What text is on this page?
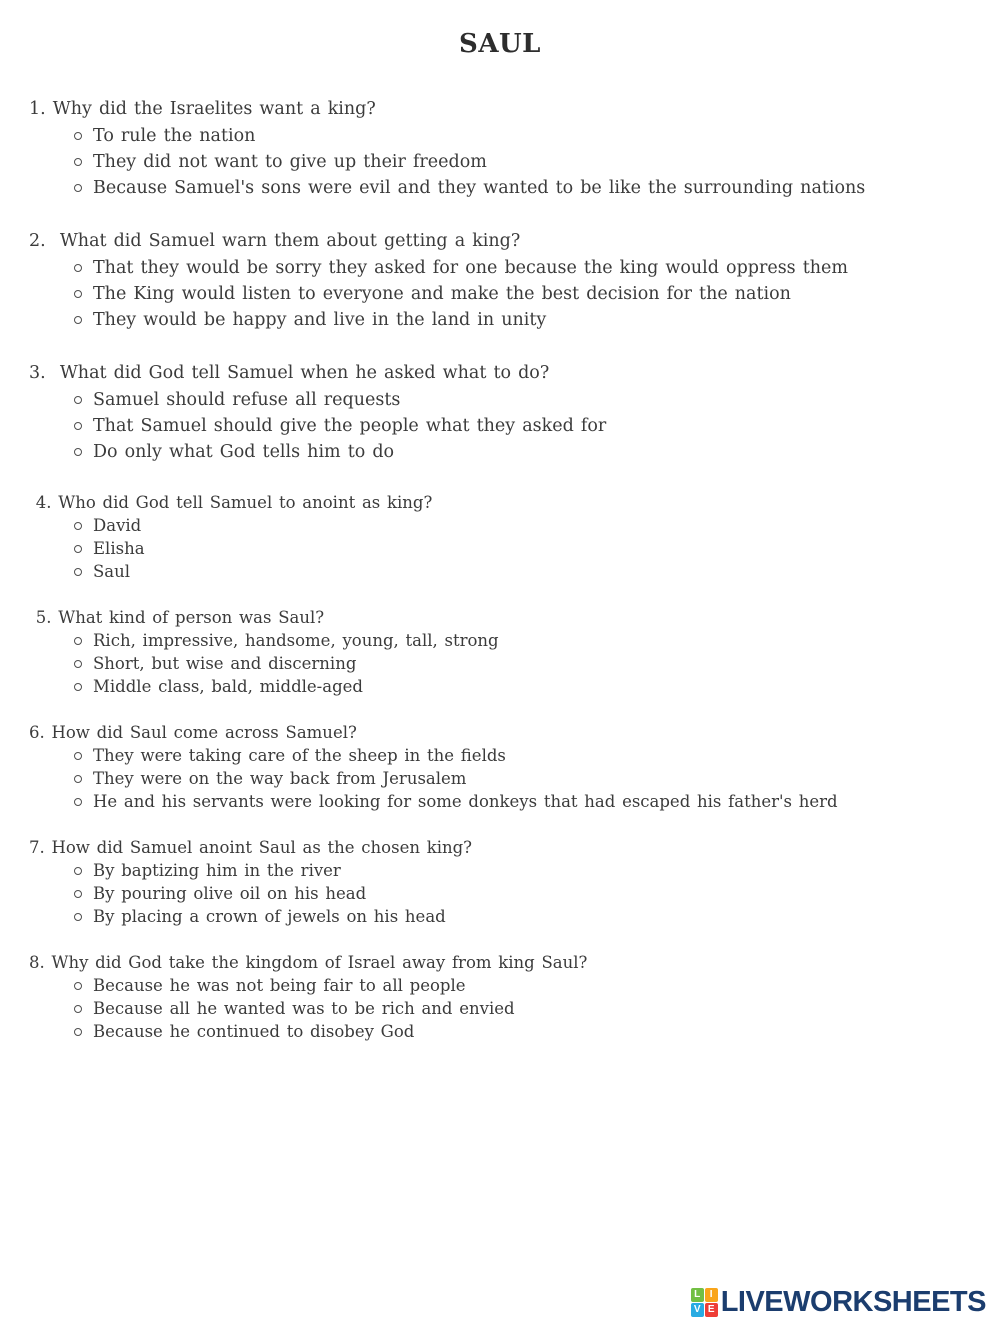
SAUL
1. Why did the Israelites want a king?
To rule the nation
They did not want to give up their freedom
Because Samuel's sons were evil and they wanted to be like the surrounding nations
2.  What did Samuel warn them about getting a king?
That they would be sorry they asked for one because the king would oppress them
The King would listen to everyone and make the best decision for the nation
They would be happy and live in the land in unity
3.  What did God tell Samuel when he asked what to do?
Samuel should refuse all requests
That Samuel should give the people what they asked for
Do only what God tells him to do
4. Who did God tell Samuel to anoint as king?
David
Elisha
Saul
5. What kind of person was Saul?
Rich, impressive, handsome, young, tall, strong
Short, but wise and discerning
Middle class, bald, middle-aged
6. How did Saul come across Samuel?
They were taking care of the sheep in the fields
They were on the way back from Jerusalem
He and his servants were looking for some donkeys that had escaped his father's herd
7. How did Samuel anoint Saul as the chosen king?
By baptizing him in the river
By pouring olive oil on his head
By placing a crown of jewels on his head
8. Why did God take the kingdom of Israel away from king Saul?
Because he was not being fair to all people
Because all he wanted was to be rich and envied
Because he continued to disobey God
L I
V E LIVEWORKSHEETS
